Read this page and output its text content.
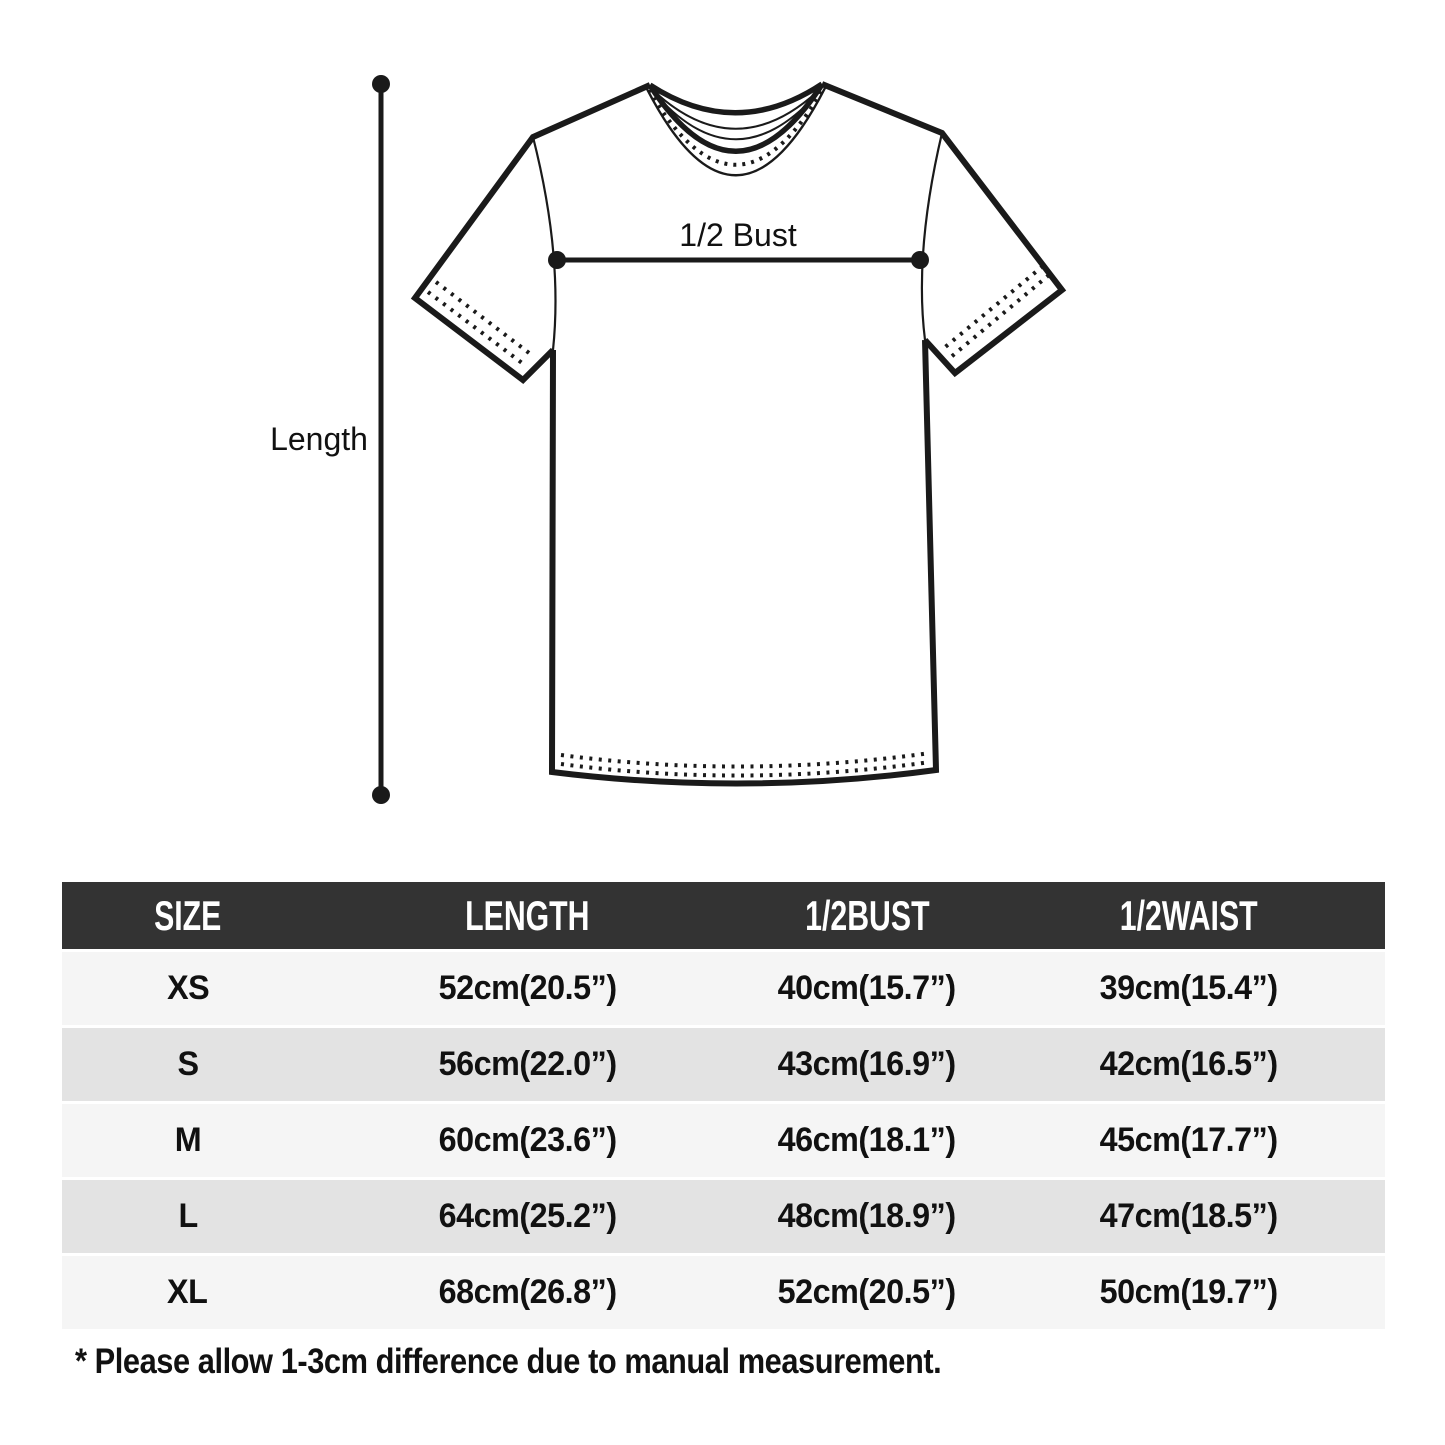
Length
1/2 Bust
SIZE	LENGTH	1/2BUST	1/2WAIST
XS	52cm(20.5”)	40cm(15.7”)	39cm(15.4”)
S	56cm(22.0”)	43cm(16.9”)	42cm(16.5”)
M	60cm(23.6”)	46cm(18.1”)	45cm(17.7”)
L	64cm(25.2”)	48cm(18.9”)	47cm(18.5”)
XL	68cm(26.8”)	52cm(20.5”)	50cm(19.7”)
* Please allow 1-3cm difference due to manual measurement.
